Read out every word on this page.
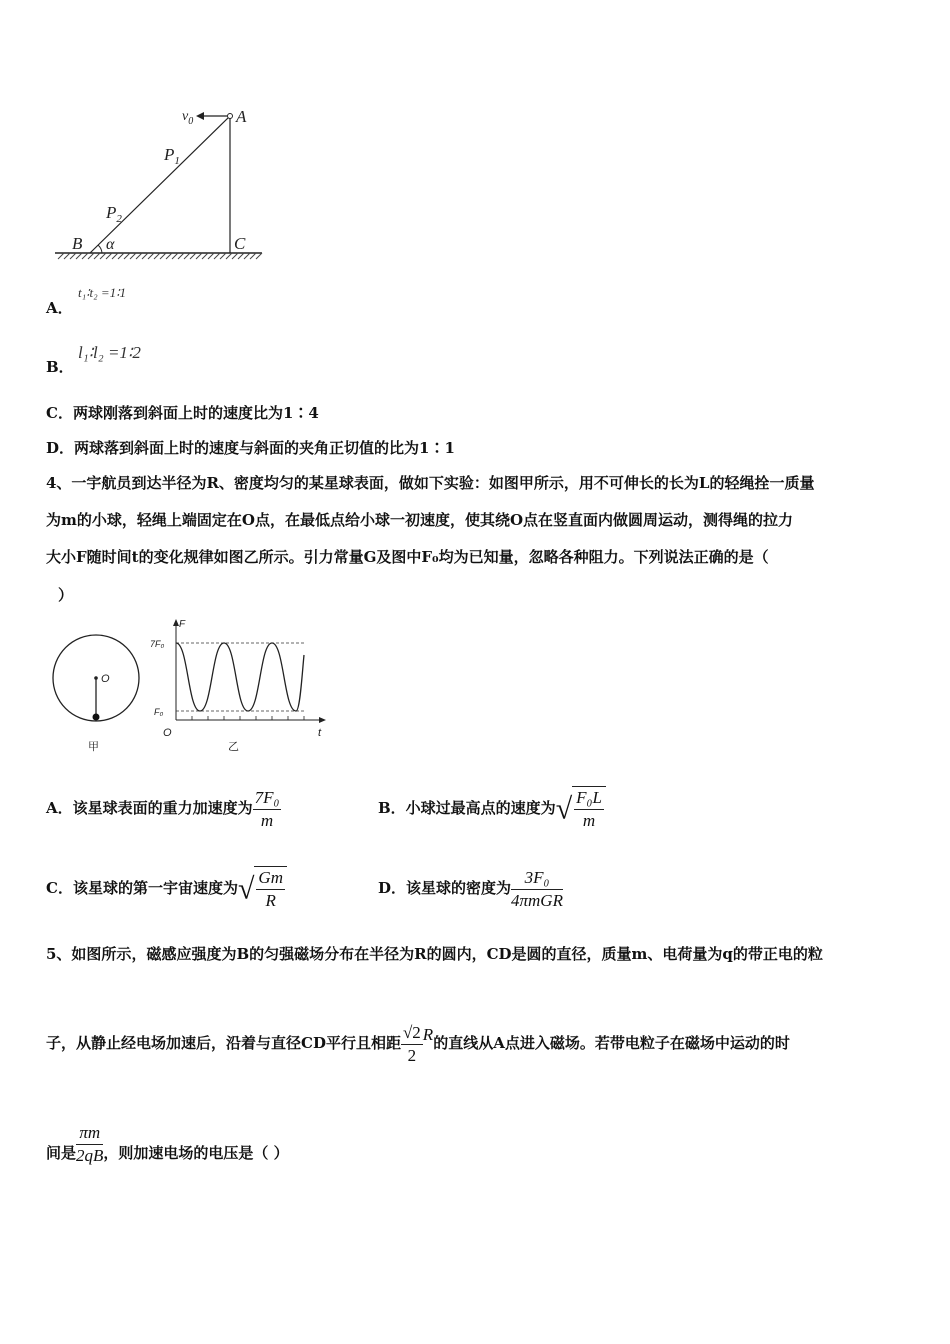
$v_0$	A
$P_1$
$P_2$
B α	C
A．
t₁∶t₂ =1∶1
B．
l₁∶l₂ =1∶2
C．两球刚落到斜面上时的速度比为1∶4
D．两球落到斜面上时的速度与斜面的夹角正切值的比为1∶1
4、一宇航员到达半径为R、密度均匀的某星球表面，做如下实验：如图甲所示，用不可伸长的长为L的轻绳拴一质量
为m的小球，轻绳上端固定在O点，在最低点给小球一初速度，使其绕O点在竖直面内做圆周运动，测得绳的拉力
大小F随时间t的变化规律如图乙所示。引力常量G及图中F₀均为已知量，忽略各种阻力。下列说法正确的是（
）
O
甲
F
t
O
7F₀
F₀
乙
A．该星球表面的重力加速度为 $\frac{\text{7F₀}}{m}$	B．小球过最高点的速度为√ $\frac{\text{F₀L}}{m}$
C．该星球的第一宇宙速度为√ $\frac{Gm}{R}$	D．该星球的密度为 $\frac{\text{3F₀}}{\text{4πmGR}}$
5、如图所示，磁感应强度为B的匀强磁场分布在半径为R的圆内，CD是圆的直径，质量m、电荷量为q的带正电的粒
子，从静止经电场加速后，沿着与直径CD平行且相距 $\frac{√2}{2}$ R的直线从A点进入磁场。若带电粒子在磁场中运动的时
间是 $\frac{\pi m}{2qB}$ ，则加速电场的电压是（ ）
